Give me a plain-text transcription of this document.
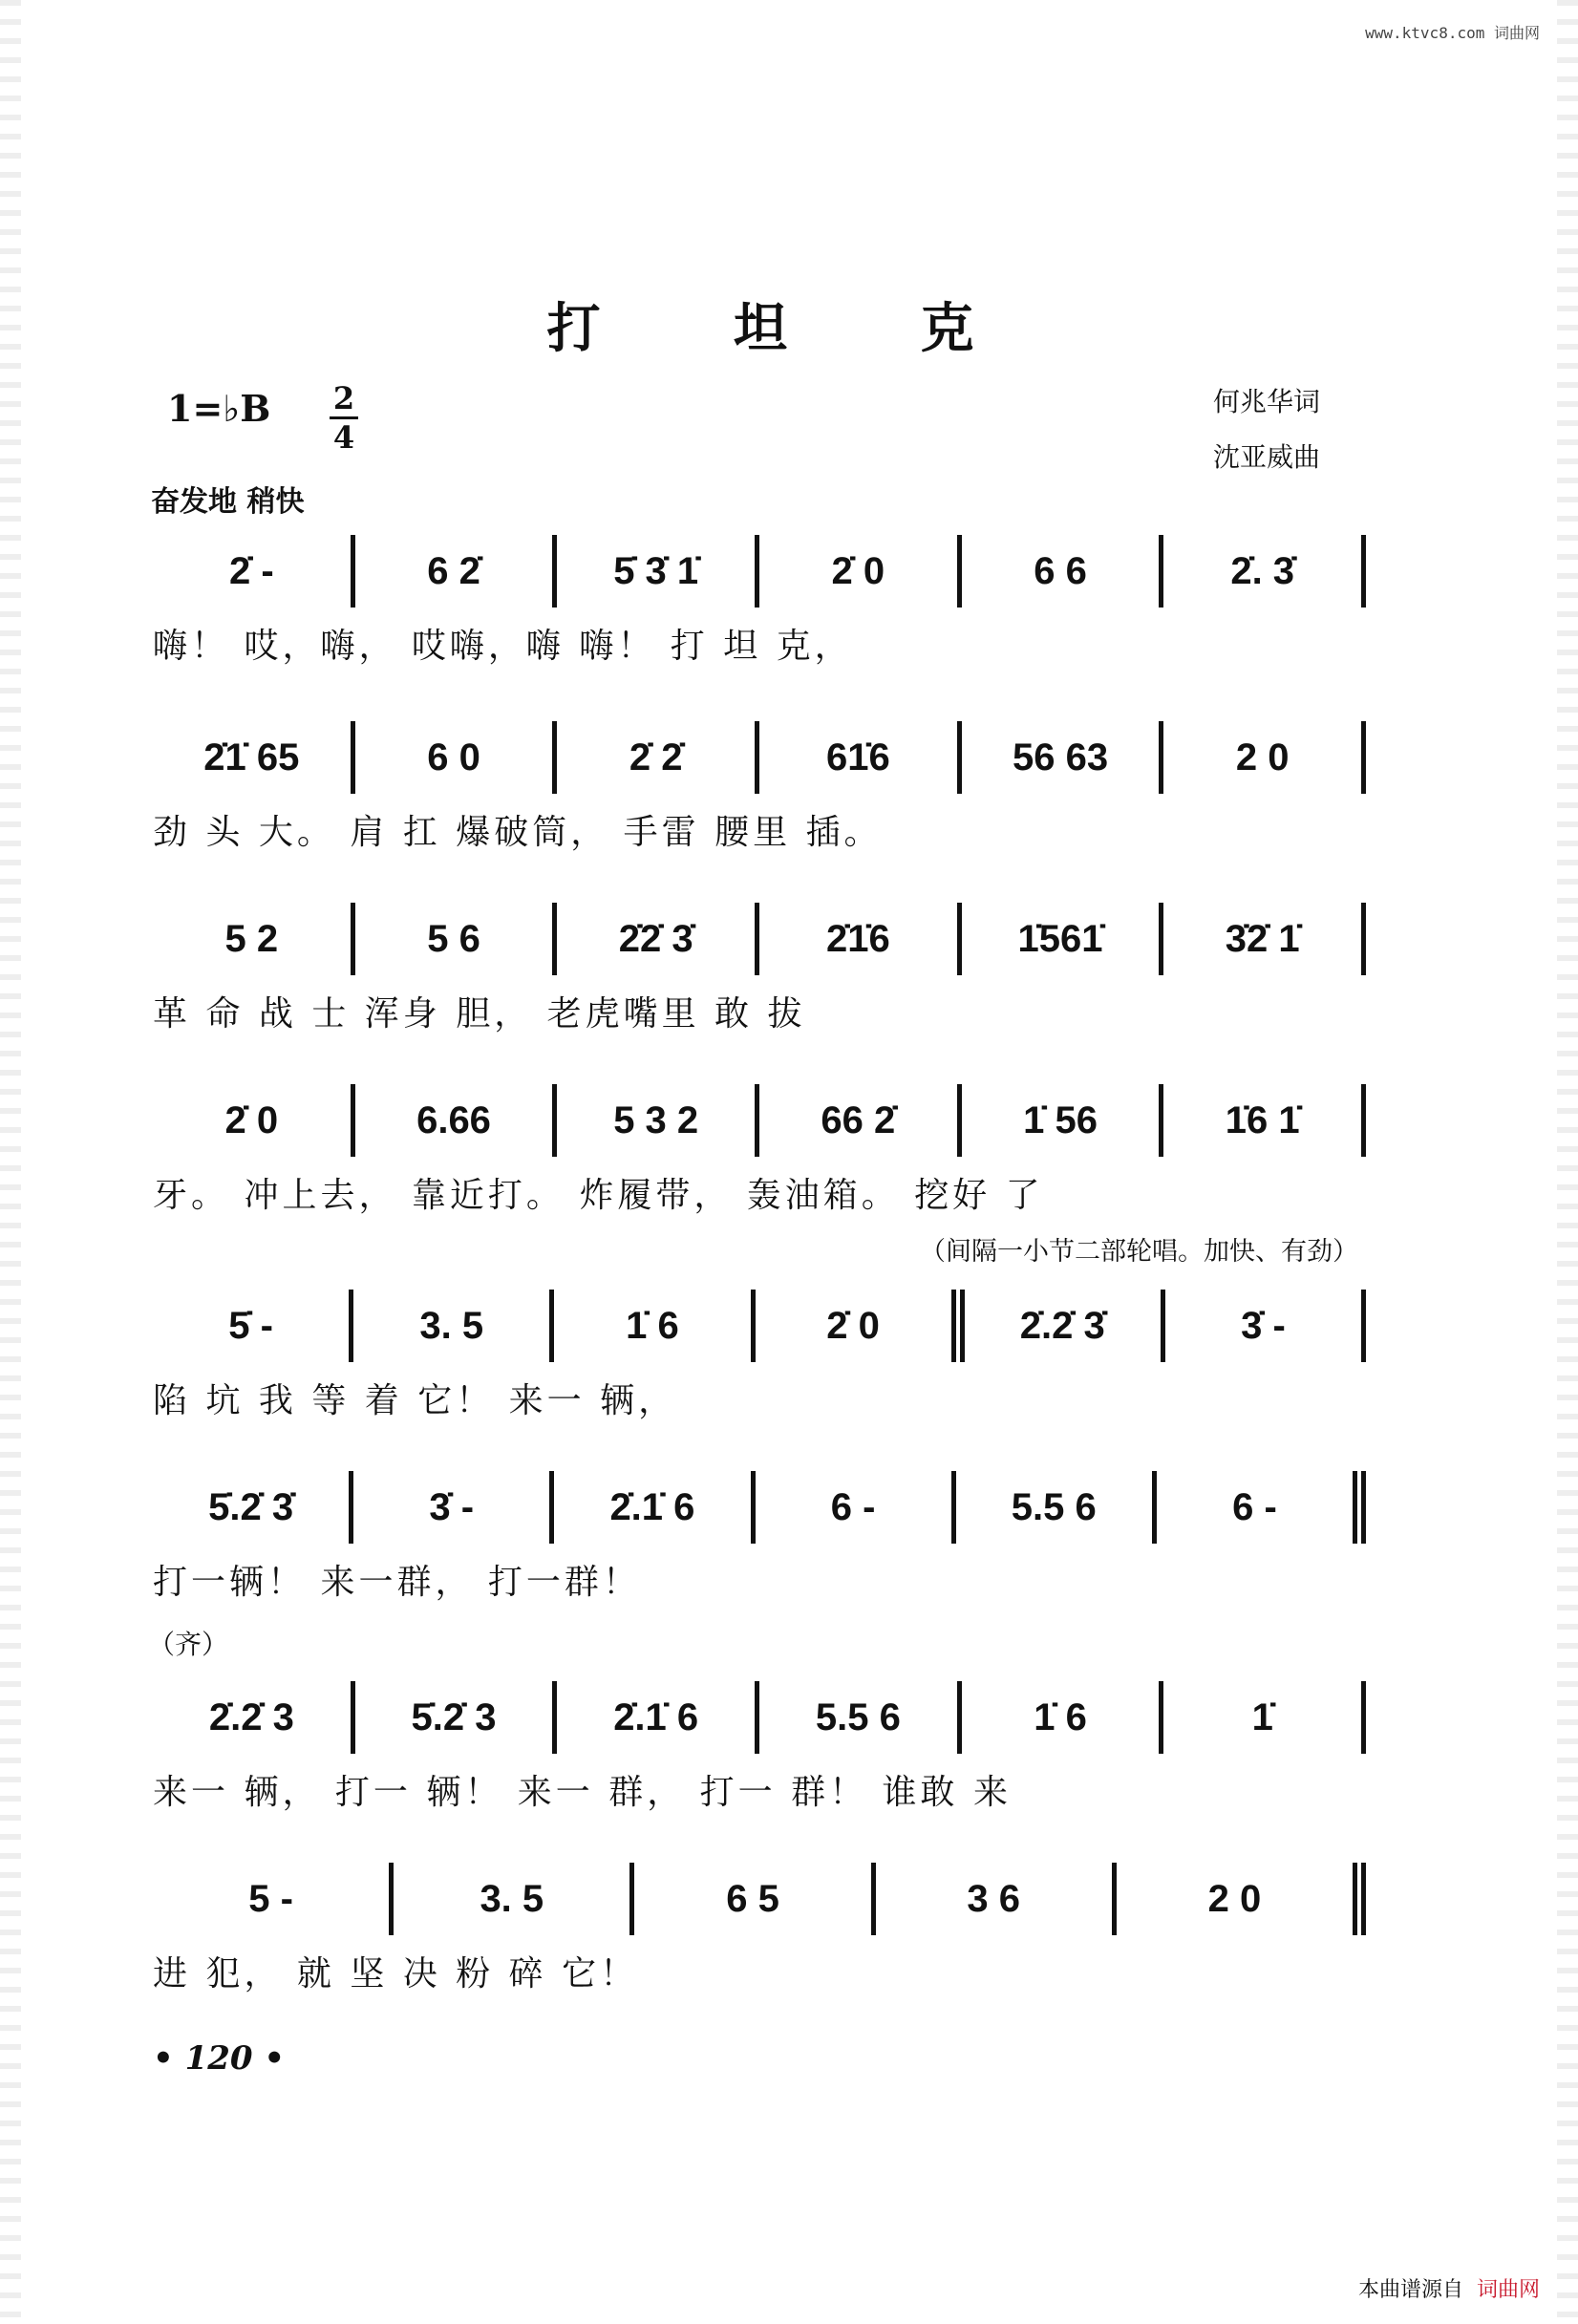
www.ktvc8.com 词曲网
打 坦 克
1=♭B 2
4
何兆华词
沈亚威曲
奋发地 稍快
2̇ -	6 2̇	5̇ 3̇ 1̇	2̇ 0	6 6	2̇. 3̇
嗨！ 哎，嗨， 哎嗨，嗨 嗨！ 打 坦 克，
2̇1̇ 65	6 0	2̇ 2̇	61̇6	56 63	2 0
劲 头 大。 肩 扛 爆破筒， 手雷 腰里 插。
5 2	5 6	2̇2̇ 3̇	2̇1̇6	1̇561̇	3̇2̇ 1̇
革 命 战 士 浑身 胆， 老虎嘴里 敢 拔
2̇ 0	6.66	5 3 2	66 2̇	1̇ 56	1̇6 1̇
牙。 冲上去， 靠近打。 炸履带， 轰油箱。 挖好 了
（间隔一小节二部轮唱。加快、有劲）
5̇ -	3. 5	1̇ 6	2̇ 0	2̇.2̇ 3̇	3̇ -
陷 坑 我 等 着 它！ 来一 辆，
5̇.2̇ 3̇	3̇ -	2̇.1̇ 6	6 -	5.5 6	6 -
打一辆！ 来一群， 打一群！
（齐）
2̇.2̇ 3	5̇.2̇ 3	2̇.1̇ 6	5.5 6	1̇ 6	1̇
来一 辆， 打一 辆！ 来一 群， 打一 群！ 谁敢 来
5 -	3. 5	6 5	3 6	2 0
进 犯， 就 坚 决 粉 碎 它！
• 120 •
本曲谱源自 词曲网
